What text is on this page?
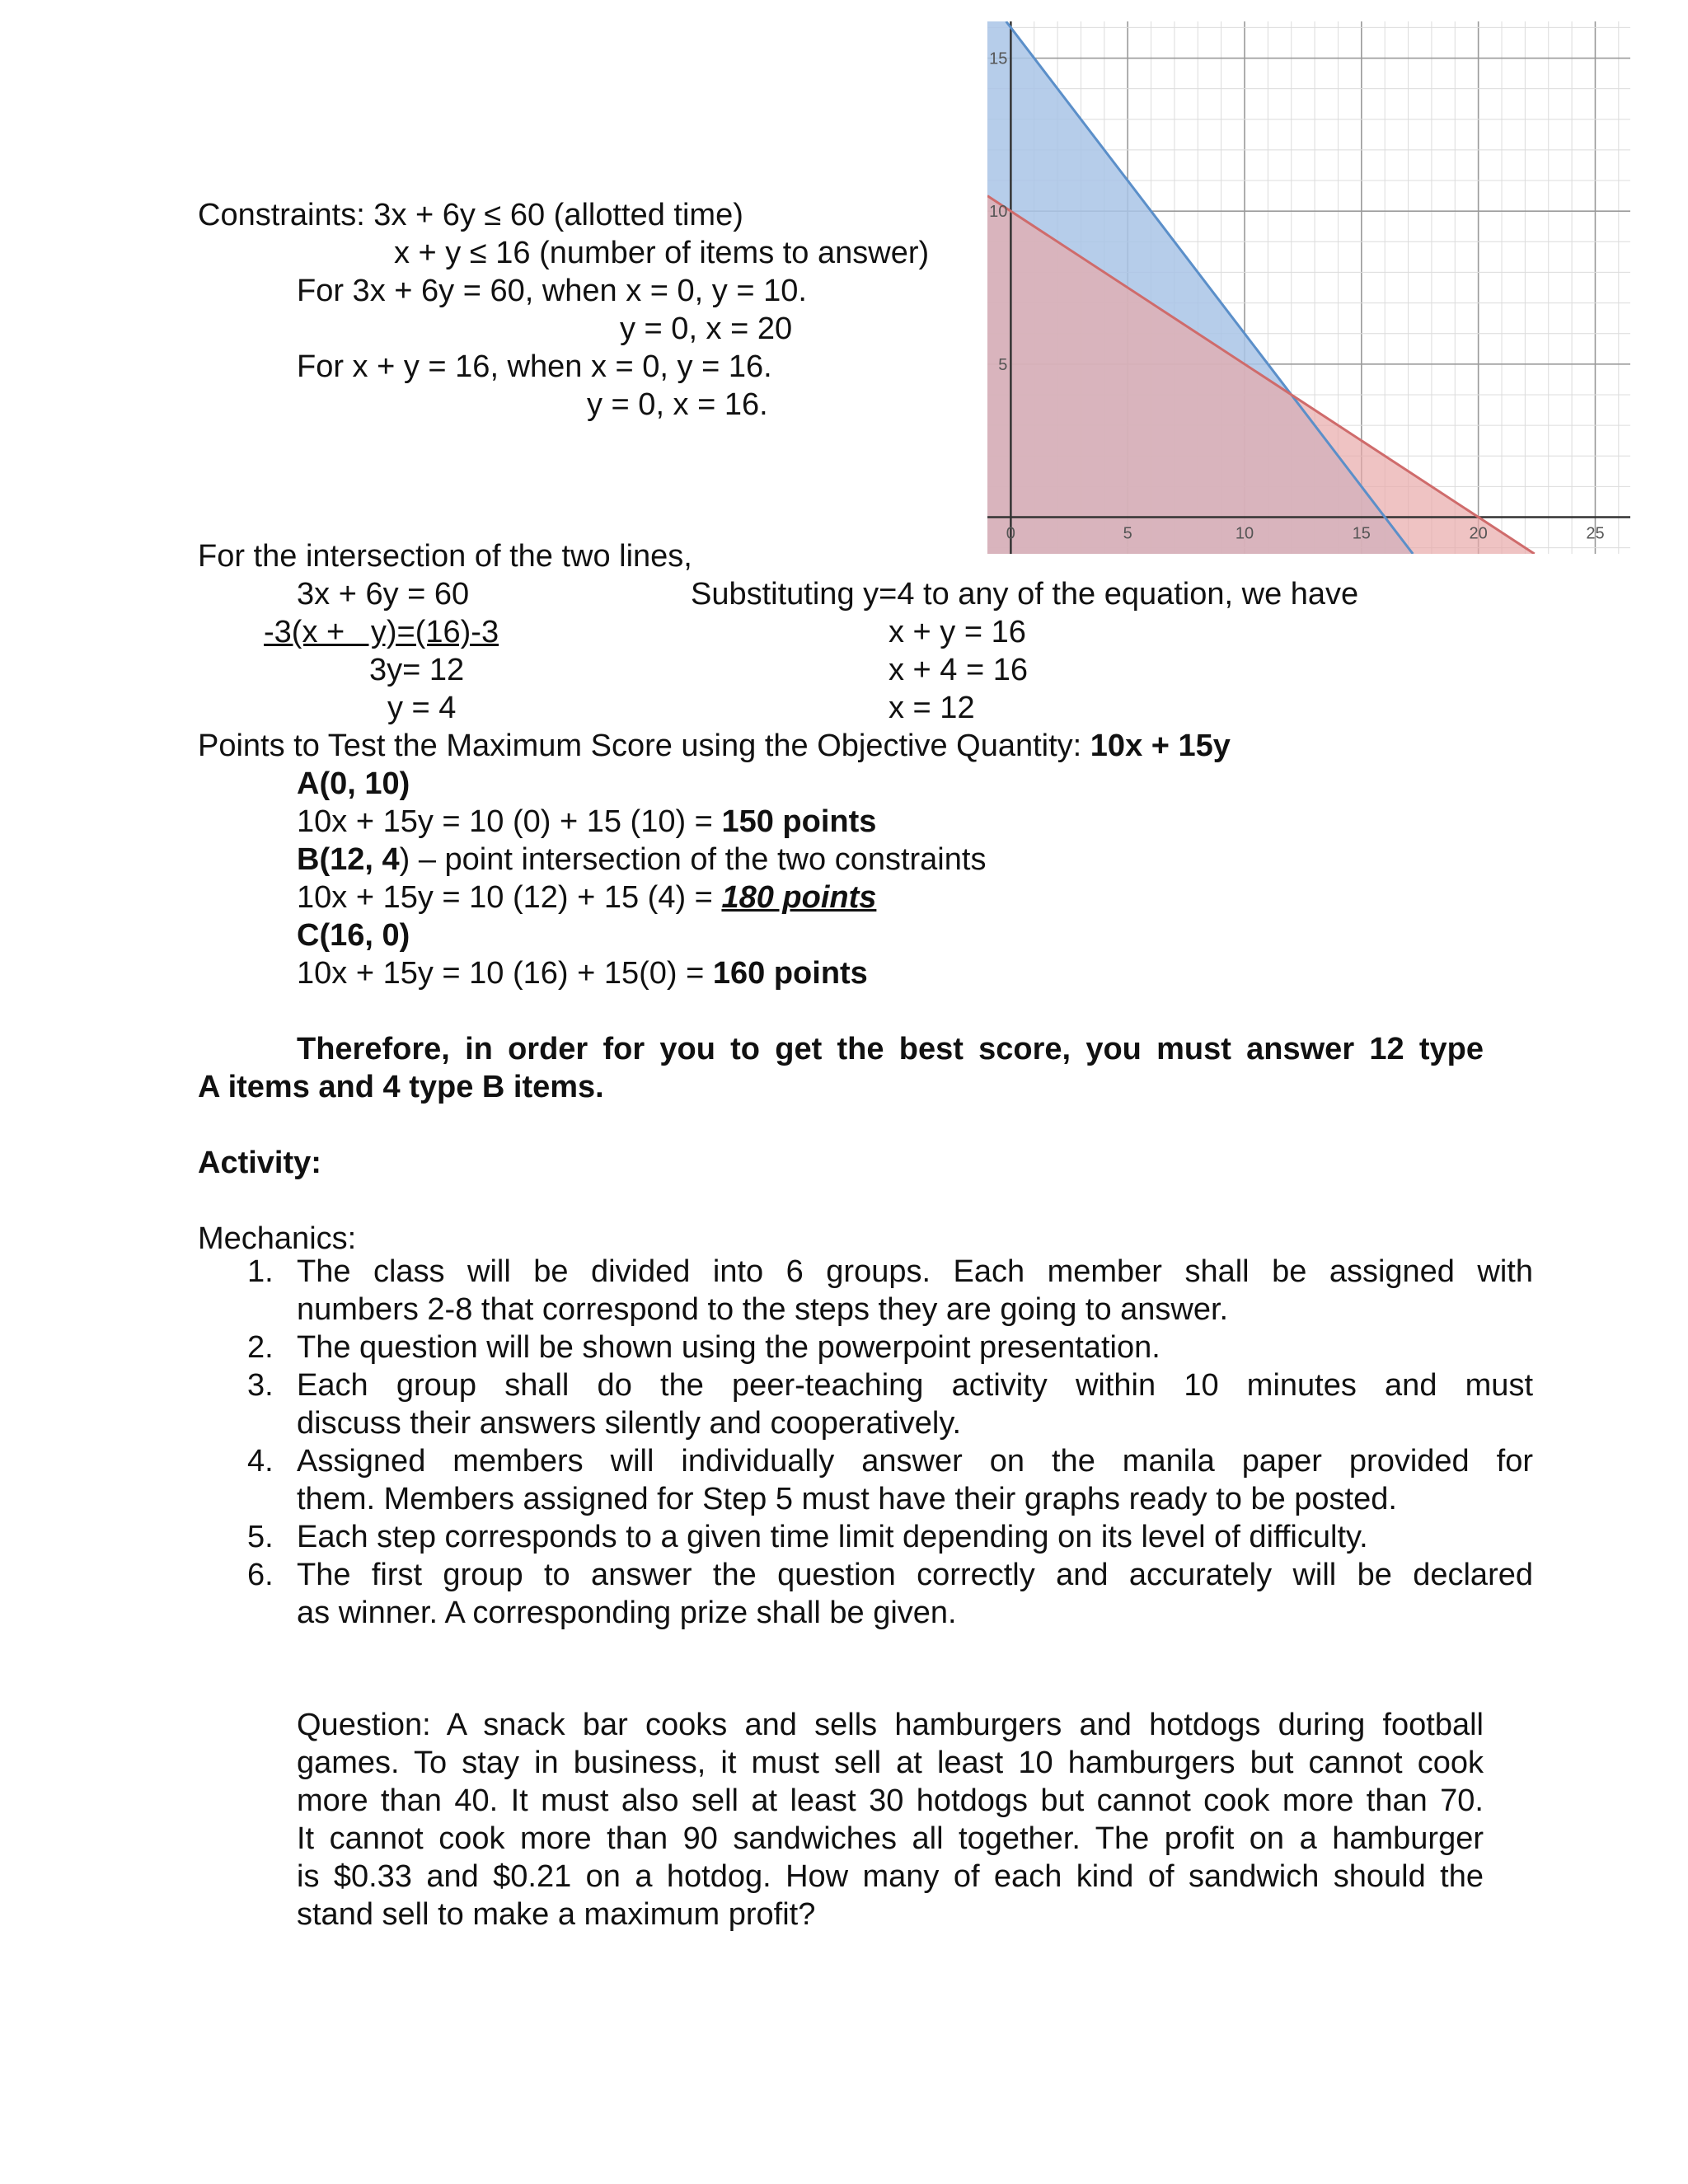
Constraints: 3x + 6y ≤ 60 (allotted time)
x + y ≤ 16 (number of items to answer)
For 3x + 6y = 60, when x = 0, y = 10.
y = 0, x = 20
For x + y = 16, when x = 0, y = 16.
y = 0, x = 16.
0	5	10	15	20	25
5
10
15
For the intersection of the two lines,
3x + 6y = 60
-3(x +   y)=(16)-3
3y= 12
y = 4
Substituting y=4 to any of the equation, we have
x + y = 16
x + 4 = 16
x = 12
Points to Test the Maximum Score using the Objective Quantity: 10x + 15y
A(0, 10)
10x + 15y = 10 (0) + 15 (10) = 150 points
B(12, 4) – point intersection of the two constraints
10x + 15y = 10 (12) + 15 (4) = 180 points
C(16, 0)
10x + 15y = 10 (16) + 15(0) = 160 points
Therefore, in order for you to get the best score, you must answer 12 type
A items and 4 type B items.
Activity:
Mechanics:
1. The class will be divided into 6 groups. Each member shall be assigned with
numbers 2-8 that correspond to the steps they are going to answer.
2. The question will be shown using the powerpoint presentation.
3. Each group shall do the peer-teaching activity within 10 minutes and must
discuss their answers silently and cooperatively.
4. Assigned members will individually answer on the manila paper provided for
them. Members assigned for Step 5 must have their graphs ready to be posted.
5. Each step corresponds to a given time limit depending on its level of difficulty.
6. The first group to answer the question correctly and accurately will be declared
as winner. A corresponding prize shall be given.
Question: A snack bar cooks and sells hamburgers and hotdogs during football
games. To stay in business, it must sell at least 10 hamburgers but cannot cook
more than 40. It must also sell at least 30 hotdogs but cannot cook more than 70.
It cannot cook more than 90 sandwiches all together. The profit on a hamburger
is $0.33 and $0.21 on a hotdog. How many of each kind of sandwich should the
stand sell to make a maximum profit?
